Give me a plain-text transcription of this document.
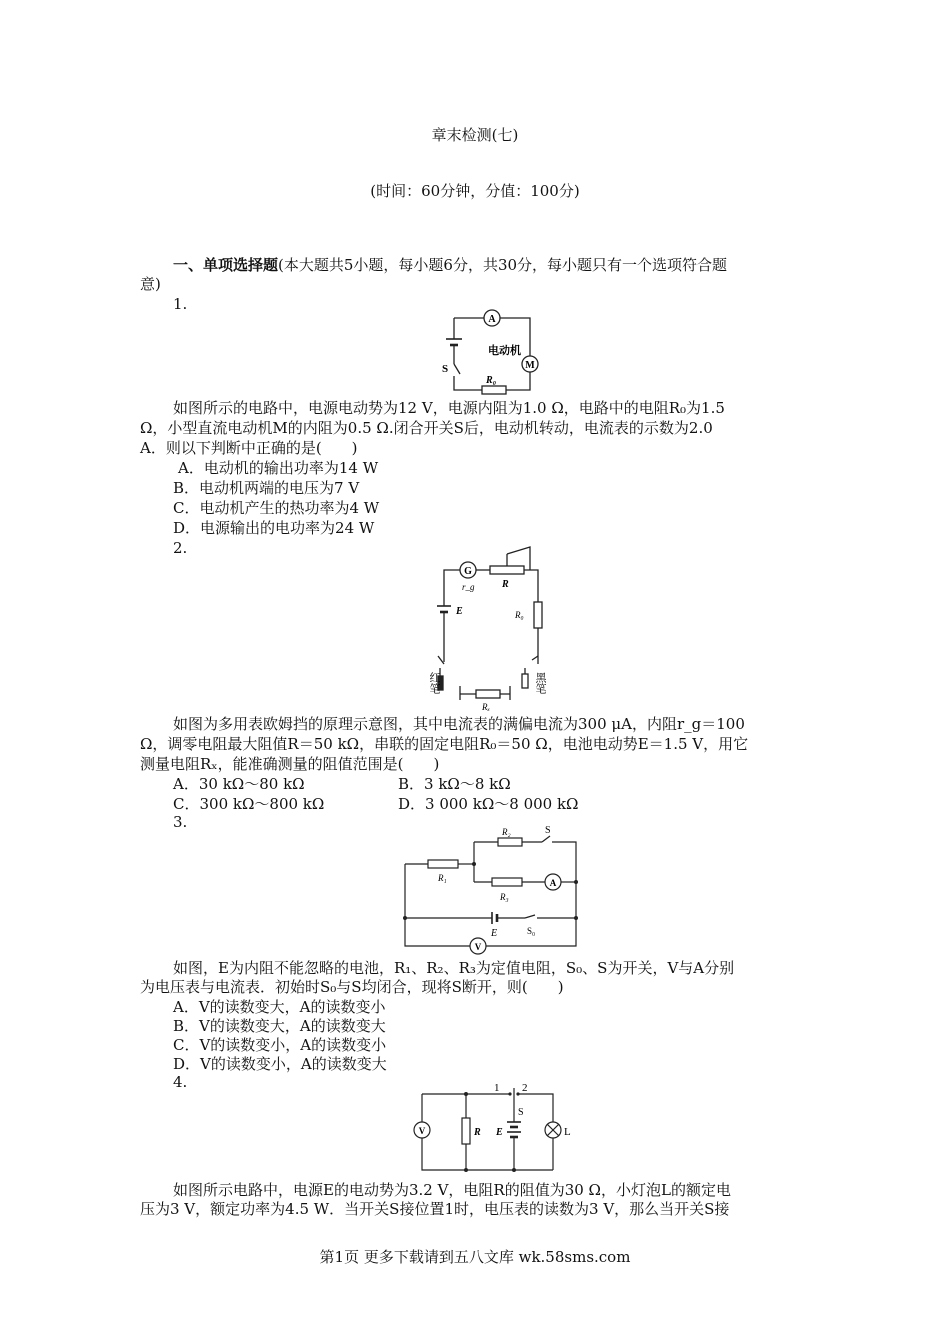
章末检测(七)
(时间：60分钟，分值：100分)
一、单项选择题(本大题共5小题，每小题6分，共30分，每小题只有一个选项符合题
意)
1.
A
M
电动机
S
R₀
如图所示的电路中，电源电动势为12 V，电源内阻为1.0 Ω，电路中的电阻R₀为1.5
Ω，小型直流电动机M的内阻为0.5 Ω.闭合开关S后，电动机转动，电流表的示数为2.0
A．则以下判断中正确的是(　　)
A．电动机的输出功率为14 W
B．电动机两端的电压为7 V
C．电动机产生的热功率为4 W
D．电源输出的电功率为24 W
2.
G
r_g	R
R₀
E
红笔	黑笔
Rₓ
如图为多用表欧姆挡的原理示意图，其中电流表的满偏电流为300 μA，内阻r_g＝100
Ω，调零电阻最大阻值R＝50 kΩ，串联的固定电阻R₀＝50 Ω，电池电动势E＝1.5 V，用它
测量电阻Rₓ，能准确测量的阻值范围是(　　)
A．30 kΩ～80 kΩ	B．3 kΩ～8 kΩ
C．300 kΩ～800 kΩ	D．3 000 kΩ～8 000 kΩ
3.
R₂	S
R₁
R₃
A
E	S₀
V
如图，E为内阻不能忽略的电池，R₁、R₂、R₃为定值电阻，S₀、S为开关，V与A分别
为电压表与电流表．初始时S₀与S均闭合，现将S断开，则(　　)
A．V的读数变大，A的读数变小
B．V的读数变大，A的读数变大
C．V的读数变小，A的读数变小
D．V的读数变小，A的读数变大
4.	1 2
S
V	R E	L
如图所示电路中，电源E的电动势为3.2 V，电阻R的阻值为30 Ω，小灯泡L的额定电
压为3 V，额定功率为4.5 W．当开关S接位置1时，电压表的读数为3 V，那么当开关S接
第1页 更多下载请到五八文库 wk.58sms.com
